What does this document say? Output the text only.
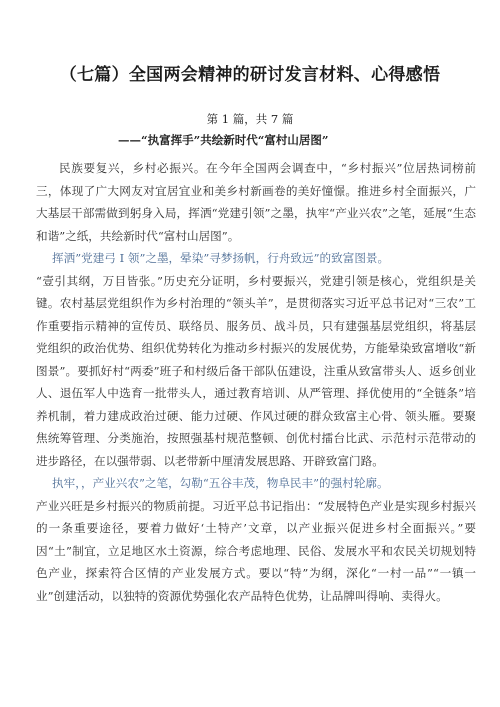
（七篇）全国两会精神的研讨发言材料、心得感悟
第 1 篇，共 7 篇
——“执富挥手”共绘新时代“富村山居图”

民族要复兴，乡村必振兴。在今年全国两会调查中，“乡村振兴”位居热词榜前三，体现了广大网友对宜居宜业和美乡村新画卷的美好憧憬。推进乡村全面振兴，广大基层干部需做到躬身入局，挥洒“党建引领”之墨，执牢“产业兴农”之笔，延展“生态和谐”之纸，共绘新时代“富村山居图”。

挥洒”党建弓 I 领”之墨，晕染”寻梦扬帆，行舟致远”的致富图景。

“壹引其纲，万目皆张。”历史充分证明，乡村要振兴，党建引领是核心，党组织是关键。农村基层党组织作为乡村治理的“领头羊”，是贯彻落实习近平总书记对“三农”工作重要指示精神的宣传员、联络员、服务员、战斗员，只有建强基层党组织，将基层党组织的政治优势、组织优势转化为推动乡村振兴的发展优势，方能晕染致富增收“新图景”。要抓好村“两委”班子和村级后备干部队伍建设，注重从致富带头人、返乡创业人、退伍军人中选育一批带头人，通过教育培训、从严管理、择优使用的“全链条”培养机制，着力建成政治过硬、能力过硬、作风过硬的群众致富主心骨、领头雁。要聚焦统筹管理、分类施治，按照强基村规范整顿、创优村擂台比武、示范村示范带动的进步路径，在以强带弱、以老带新中厘清发展思路、开辟致富门路。

执牢，，产业兴农”之笔，勾勒“五谷丰茂，物阜民丰”的强村轮廓。

产业兴旺是乡村振兴的物质前提。习近平总书记指出：“发展特色产业是实现乡村振兴的一条重要途径，要着力做好‘土特产’文章，以产业振兴促进乡村全面振兴。”要因“土”制宜，立足地区水土资源，综合考虑地理、民俗、发展水平和农民关切规划特色产业，探索符合区情的产业发展方式。要以“特”为纲，深化“一村一品”“一镇一业”创建活动，以独特的资源优势强化农产品特色优势，让品牌叫得响、卖得火。
